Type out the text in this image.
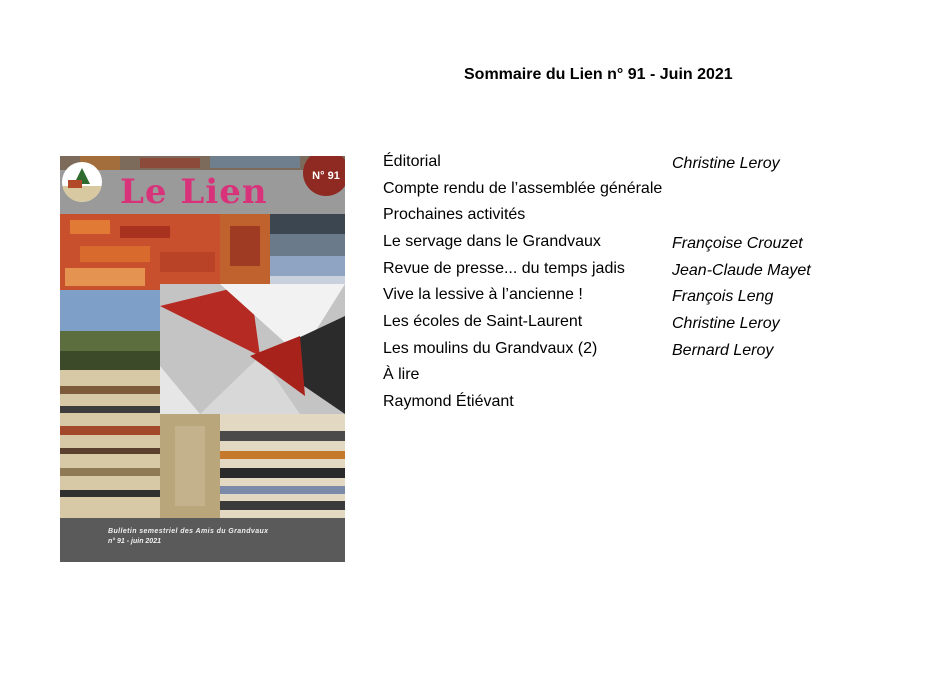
Sommaire du Lien n° 91 - Juin 2021
Le Lien	N° 91
Bulletin semestriel des Amis du Grandvaux
n° 91 - juin 2021
Éditorial
Compte rendu de l’assemblée générale
Prochaines activités
Le servage dans le Grandvaux
Revue de presse... du temps jadis
Vive la lessive à l’ancienne !
Les écoles de Saint-Laurent
Les moulins du Grandvaux (2)
À lire
Raymond Étiévant
Christine Leroy
Françoise Crouzet
Jean-Claude Mayet
François Leng
Christine Leroy
Bernard Leroy
